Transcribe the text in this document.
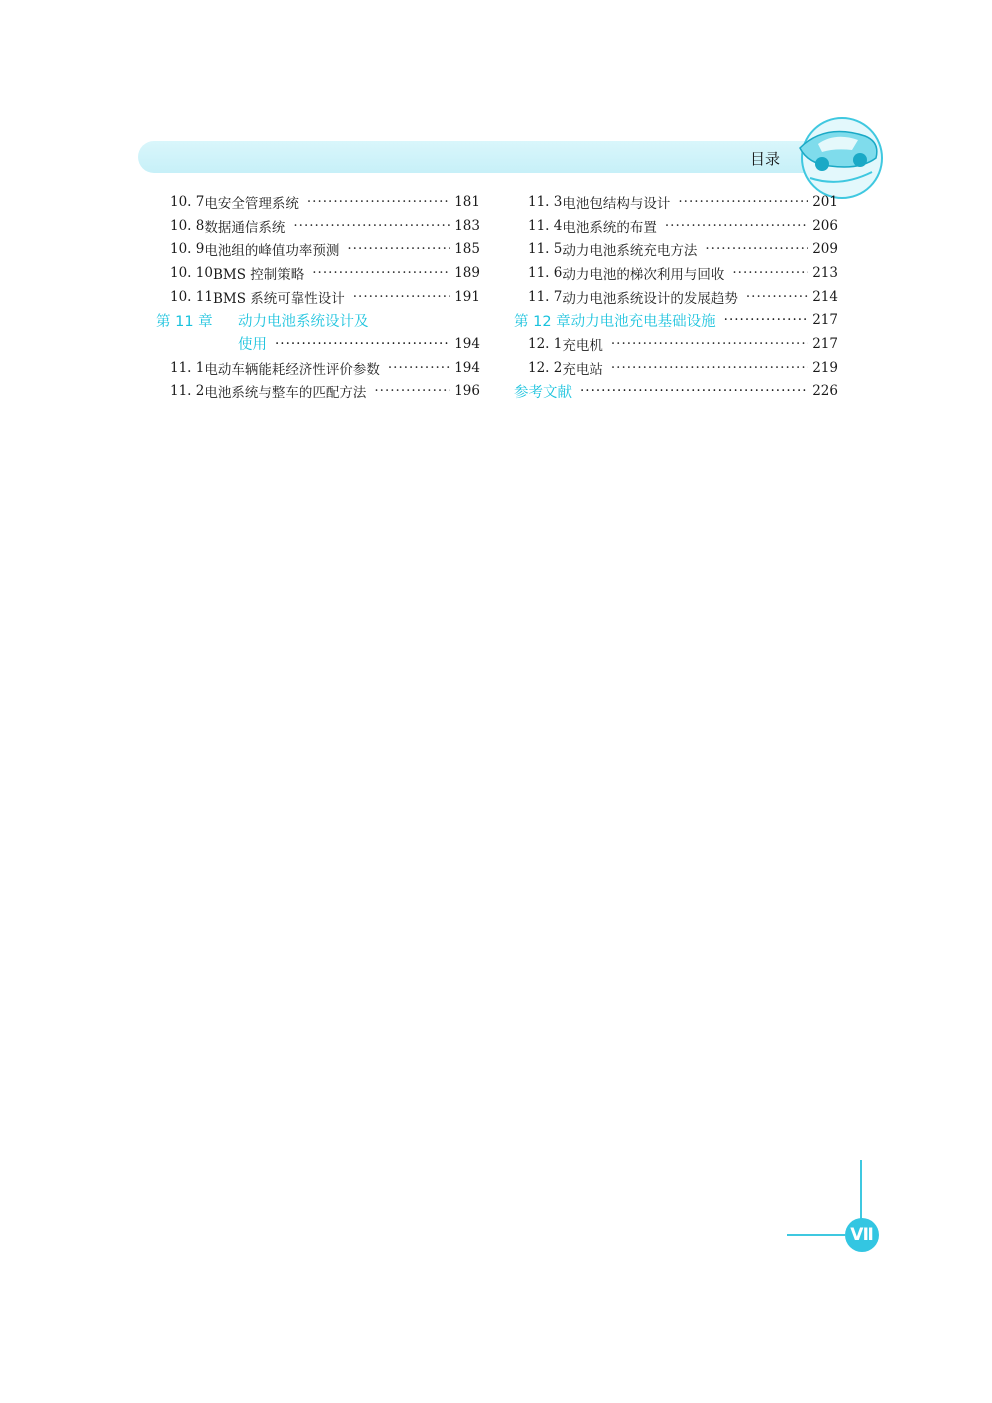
目录
10. 7 电安全管理系统 ·····	181
10. 8 数据通信系统 ·····	183
10. 9 电池组的峰值功率预测 ·····	185
10. 10 BMS 控制策略 ·····	189
10. 11 BMS 系统可靠性设计 ·····	191
第 11 章	动力电池系统设计及
使用 ·····	194
11. 1 电动车辆能耗经济性评价参数 ·····	194
11. 2 电池系统与整车的匹配方法 ·····	196
11. 3 电池包结构与设计 ·····	201
11. 4 电池系统的布置 ·····	206
11. 5 动力电池系统充电方法 ·····	209
11. 6 动力电池的梯次利用与回收 ·····	213
11. 7 动力电池系统设计的发展趋势 ·····	214
第 12 章 动力电池充电基础设施 ·····	217
12. 1 充电机 ·····	217
12. 2 充电站 ·····	219
参考文献 ·····	226
Ⅶ
